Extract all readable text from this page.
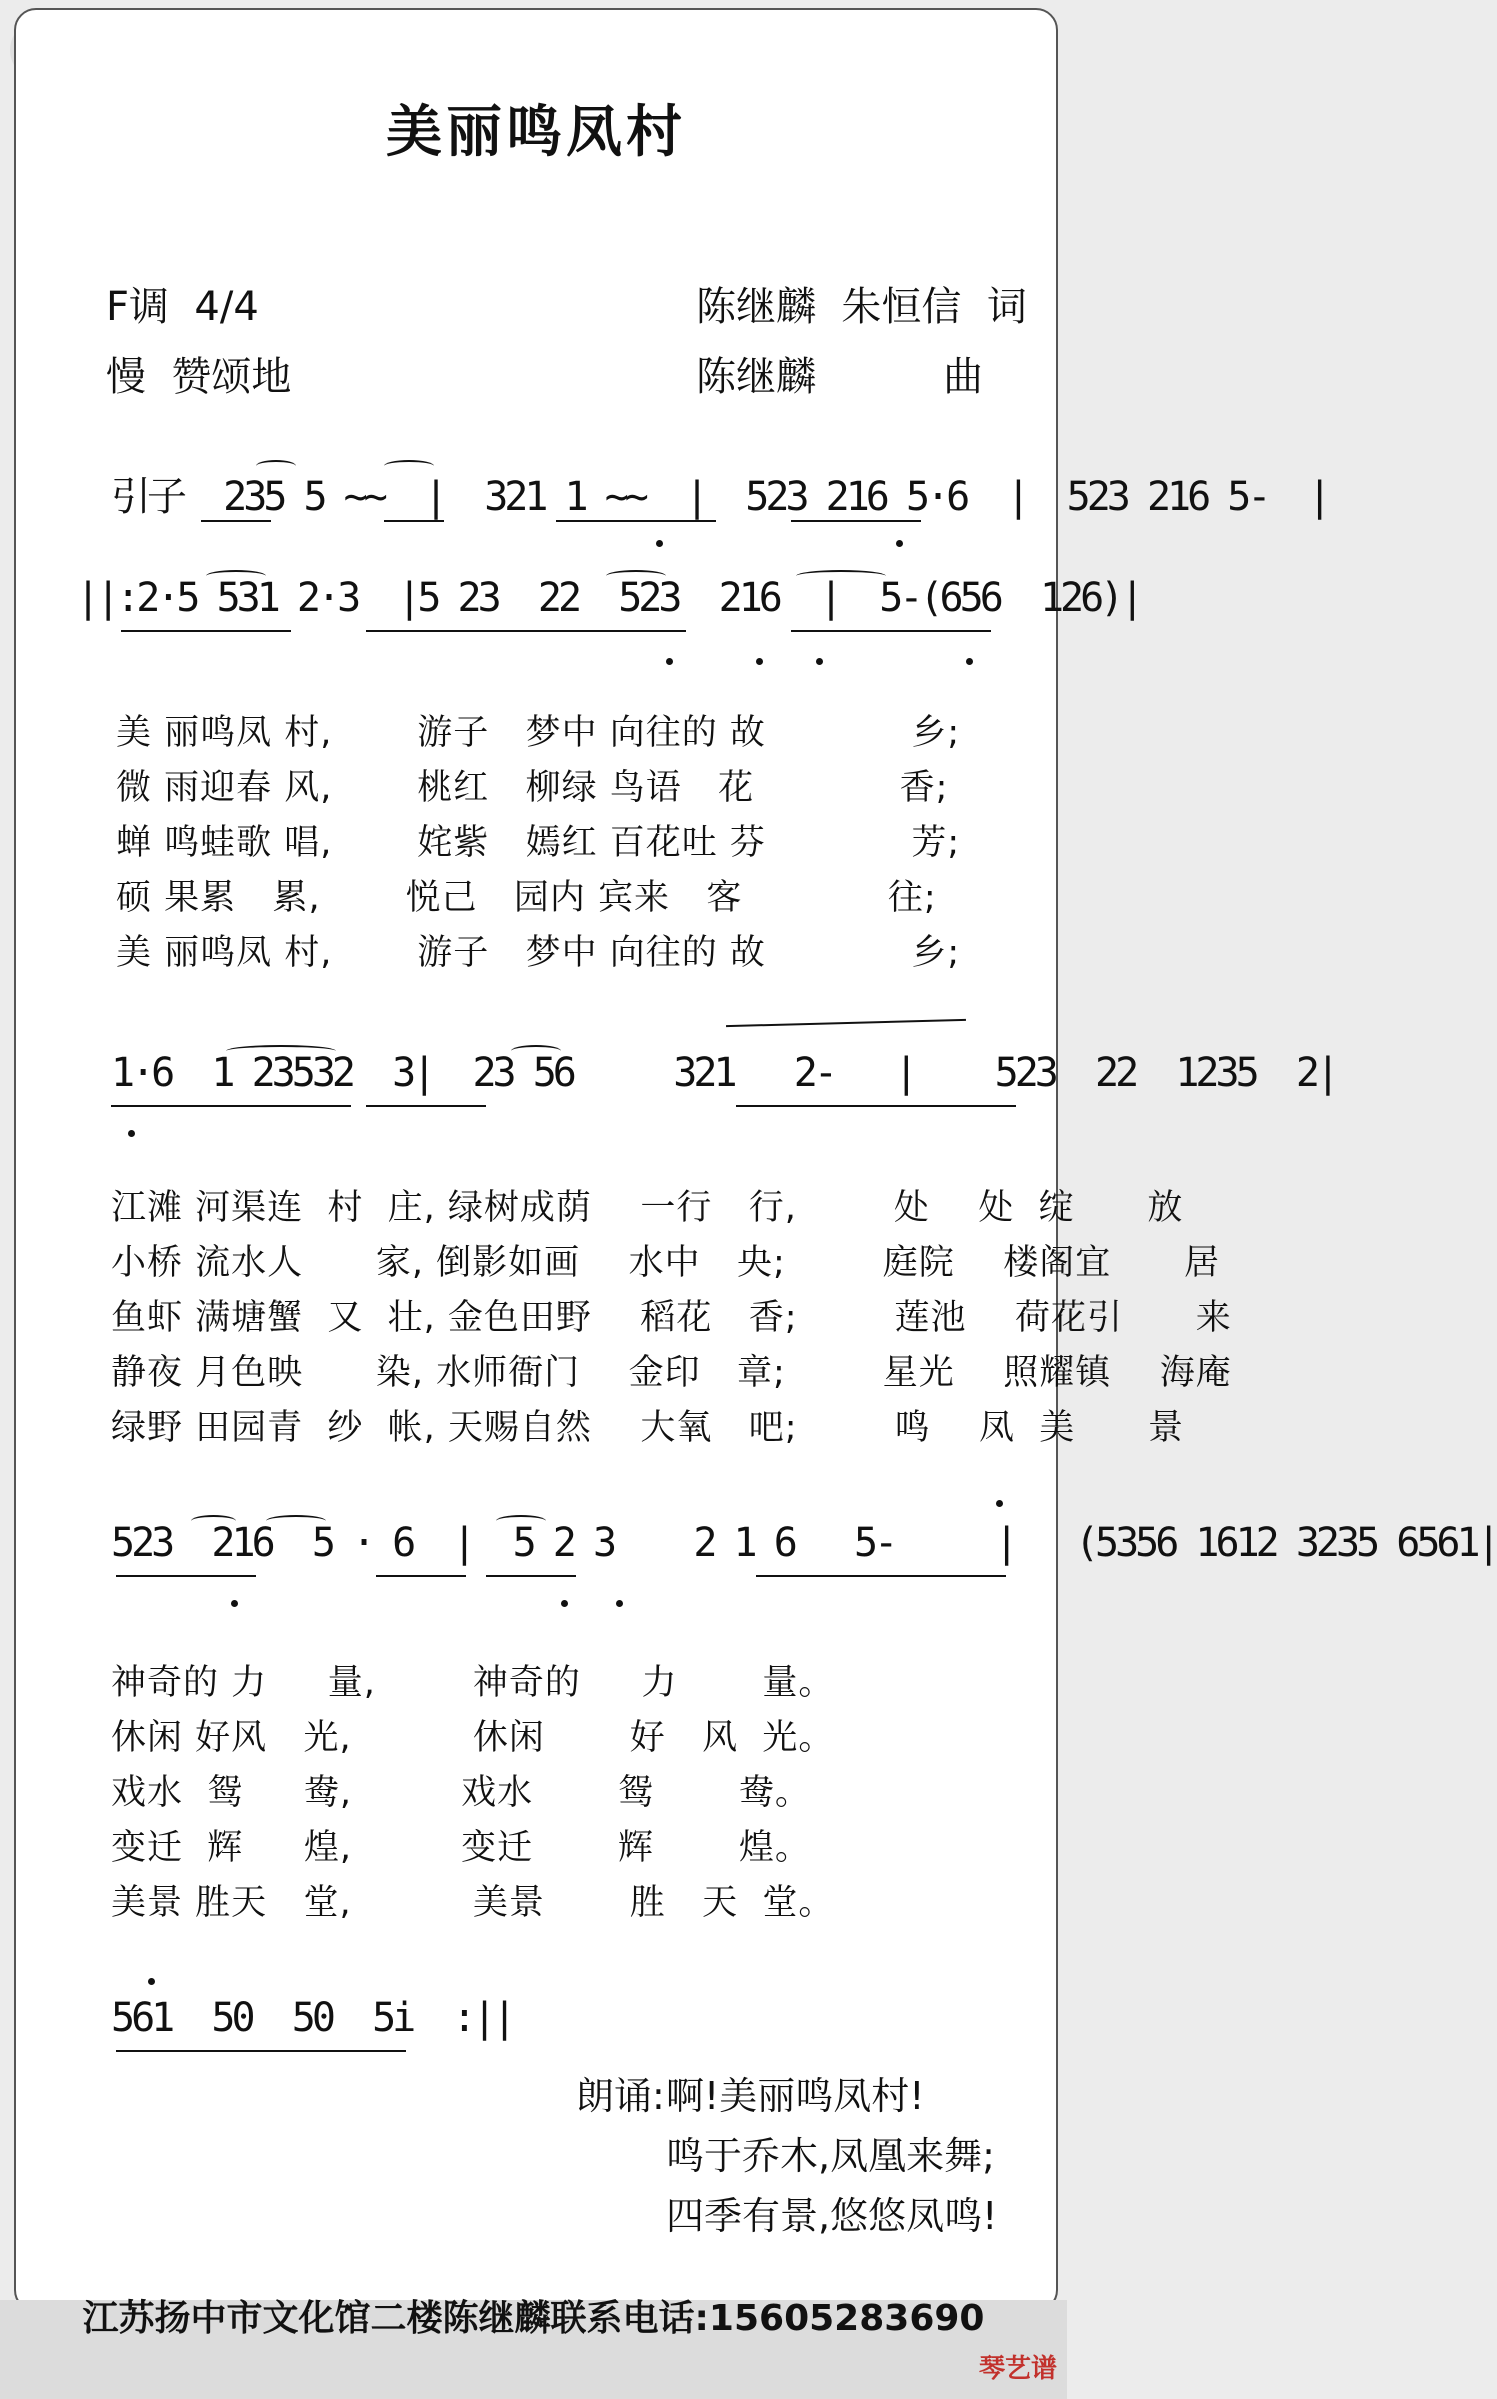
美丽鸣凤村
F调  4/4
慢  赞颂地
陈继麟  朱恒信  词
陈继麟          曲
引子  235 5 ~~  |  321 1 ~~  |  523 216 5·6  |  523 216 5-  |
||:2·5 531 2·3  |5 23  22  523  216  |  5-(656  126)|
美 丽鸣凤 村,       游子   梦中 向往的 故            乡;
微 雨迎春 风,       桃红   柳绿 鸟语   花            香;
蝉 鸣蛙歌 唱,       姹紫   嫣红 百花吐 芬            芳;
硕 果累   累,       悦己   园内 宾来   客            往;
美 丽鸣凤 村,       游子   梦中 向往的 故            乡;
1·6  1 23532  3|  23 56     321   2-   |    523  22  1235  2|
江滩 河渠连  村  庄, 绿树成荫    一行   行,        处    处  绽      放
小桥 流水人      家, 倒影如画    水中   央;        庭院    楼阁宜      居
鱼虾 满塘蟹  又  壮, 金色田野    稻花   香;        莲池    荷花引      来
静夜 月色映      染, 水师衙门    金印   章;        星光    照耀镇    海庵
绿野 田园青  纱  帐, 天赐自然    大氧   吧;        鸣    凤  美      景
523  216  5 · 6  |  5 2 3    2 1 6   5-     |   (5356 1612 3235 6561|
神奇的 力     量,        神奇的     力       量。
休闲 好风   光,          休闲       好   风  光。
戏水  鸳     鸯,         戏水       鸳       鸯。
变迁  辉     煌,         变迁       辉       煌。
美景 胜天   堂,          美景       胜   天  堂。
561  50  50  5i  :||
朗诵: 啊!美丽鸣凤村!
鸣于乔木,凤凰来舞;
四季有景,悠悠凤鸣!
江苏扬中市文化馆二楼陈继麟联系电话:15605283690
琴艺谱
